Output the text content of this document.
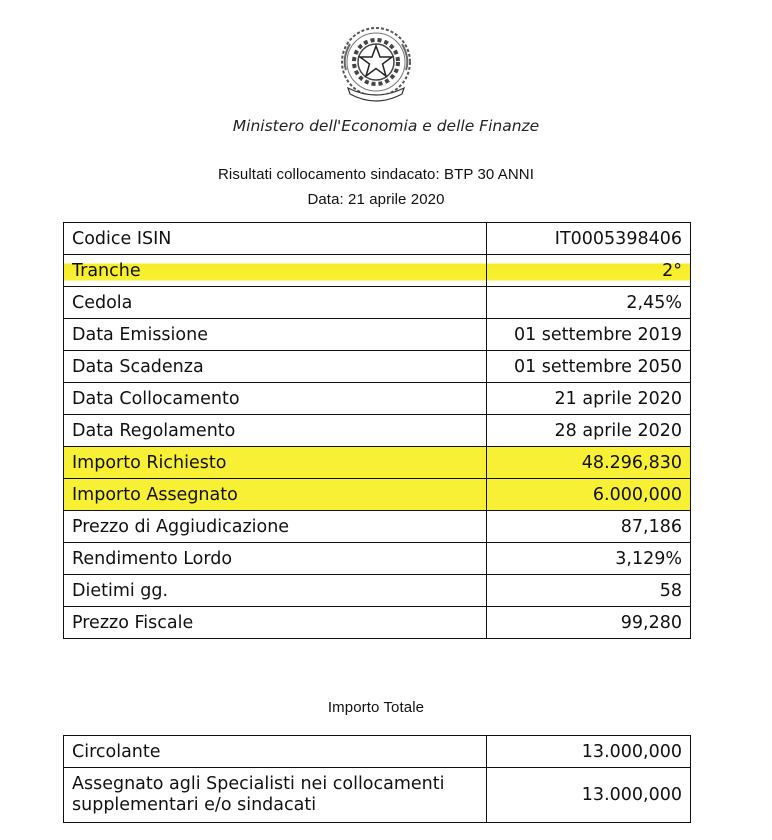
Ministero dell'Economia e delle Finanze
Risultati collocamento sindacato: BTP 30 ANNI
Data: 21 aprile 2020
Codice ISIN	IT0005398406
Tranche	2°
Cedola	2,45%
Data Emissione	01 settembre 2019
Data Scadenza	01 settembre 2050
Data Collocamento	21 aprile 2020
Data Regolamento	28 aprile 2020
Importo Richiesto	48.296,830
Importo Assegnato	6.000,000
Prezzo di Aggiudicazione	87,186
Rendimento Lordo	3,129%
Dietimi gg.	58
Prezzo Fiscale	99,280
Importo Totale
Circolante	13.000,000
Assegnato agli Specialisti nei collocamenti supplementari e/o sindacati	13.000,000
